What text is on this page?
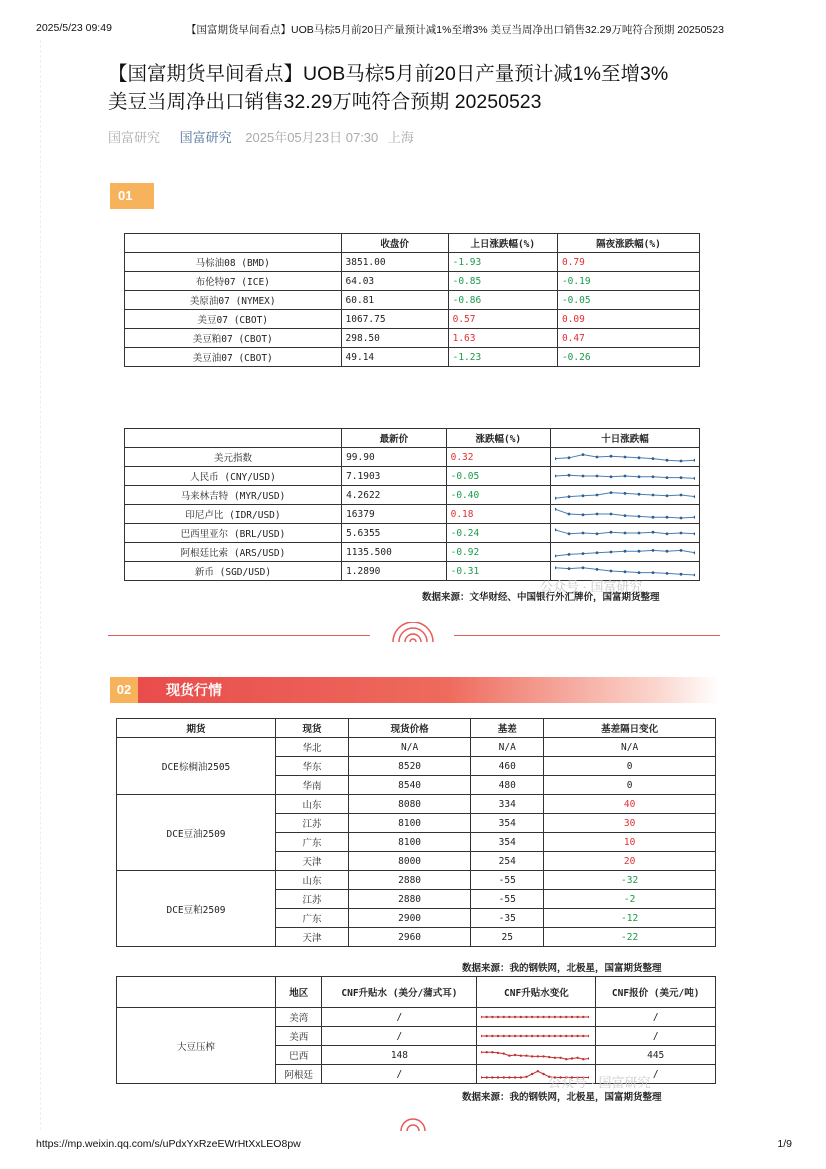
2025/5/23 09:49	【国富期货早间看点】UOB马棕5月前20日产量预计减1%至增3% 美豆当周净出口销售32.29万吨符合预期 20250523
【国富期货早间看点】UOB马棕5月前20日产量预计减1%至增3%
美豆当周净出口销售32.29万吨符合预期 20250523
国富研究 国富研究 2025年05月23日 07:30 上海
01
	收盘价	上日涨跌幅(%)	隔夜涨跌幅(%)
马棕油08 (BMD)	3851.00	-1.93	0.79
布伦特07 (ICE)	64.03	-0.85	-0.19
美原油07 (NYMEX)	60.81	-0.86	-0.05
美豆07 (CBOT)	1067.75	0.57	0.09
美豆粕07 (CBOT)	298.50	1.63	0.47
美豆油07 (CBOT)	49.14	-1.23	-0.26
	最新价	涨跌幅(%)	十日涨跌幅
美元指数	99.90	0.32	

人民币 (CNY/USD)	7.1903	-0.05	

马来林吉特 (MYR/USD)	4.2622	-0.40	

印尼卢比 (IDR/USD)	16379	0.18	

巴西里亚尔 (BRL/USD)	5.6355	-0.24	

阿根廷比索 (ARS/USD)	1135.500	-0.92	

新币 (SGD/USD)	1.2890	-0.31	
公众号 · 国富研究
数据来源：文华财经、中国银行外汇牌价，国富期货整理
02	现货行情
期货	现货	现货价格	基差	基差隔日变化
DCE棕榈油2505	华北	N/A	N/A	N/A
	华东	8520	460	0
	华南	8540	480	0
DCE豆油2509	山东	8080	334	40
	江苏	8100	354	30
	广东	8100	354	10
	天津	8000	254	20
DCE豆粕2509	山东	2880	-55	-32
	江苏	2880	-55	-2
	广东	2900	-35	-12
	天津	2960	25	-22
数据来源：我的钢铁网，北极星，国富期货整理
	地区	CNF升贴水 (美分/蒲式耳)	CNF升贴水变化	CNF报价 (美元/吨)
大豆压榨	美湾	/		/
	美西	/		/
	巴西	148		445
	阿根廷	/		/
公众号 · 国富研究
数据来源：我的钢铁网，北极星，国富期货整理
https://mp.weixin.qq.com/s/uPdxYxRzeEWrHtXxLEO8pw	1/9
